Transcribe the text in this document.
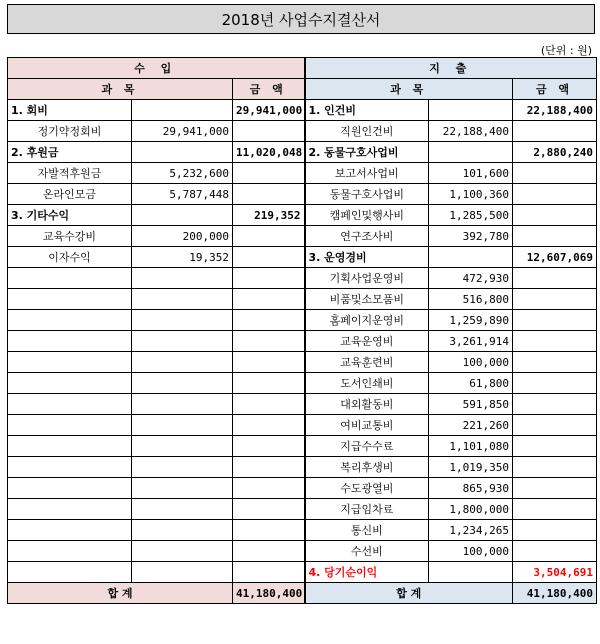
2018년 사업수지결산서
(단위 : 원)
수 입			지 출		
과 목		금 액	과 목		금 액
1. 회비		29,941,000	1. 인건비		22,188,400
정기약정회비	29,941,000		직원인건비	22,188,400	
2. 후원금		11,020,048	2. 동물구호사업비		2,880,240
자발적후원금	5,232,600		보고서사업비	101,600	
온라인모금	5,787,448		동물구호사업비	1,100,360	
3. 기타수익		219,352	캠페인및행사비	1,285,500	
교육수강비	200,000		연구조사비	392,780	
이자수익	19,352		3. 운영경비		12,607,069
			기획사업운영비	472,930	
			비품및소모품비	516,800	
			홈페이지운영비	1,259,890	
			교육운영비	3,261,914	
			교육훈련비	100,000	
			도서인쇄비	61,800	
			대외활동비	591,850	
			여비교통비	221,260	
			지급수수료	1,101,080	
			복리후생비	1,019,350	
			수도광열비	865,930	
			지급임차료	1,800,000	
			통신비	1,234,265	
			수선비	100,000	
			4. 당기순이익		3,504,691
합 계		41,180,400	합 계		41,180,400
